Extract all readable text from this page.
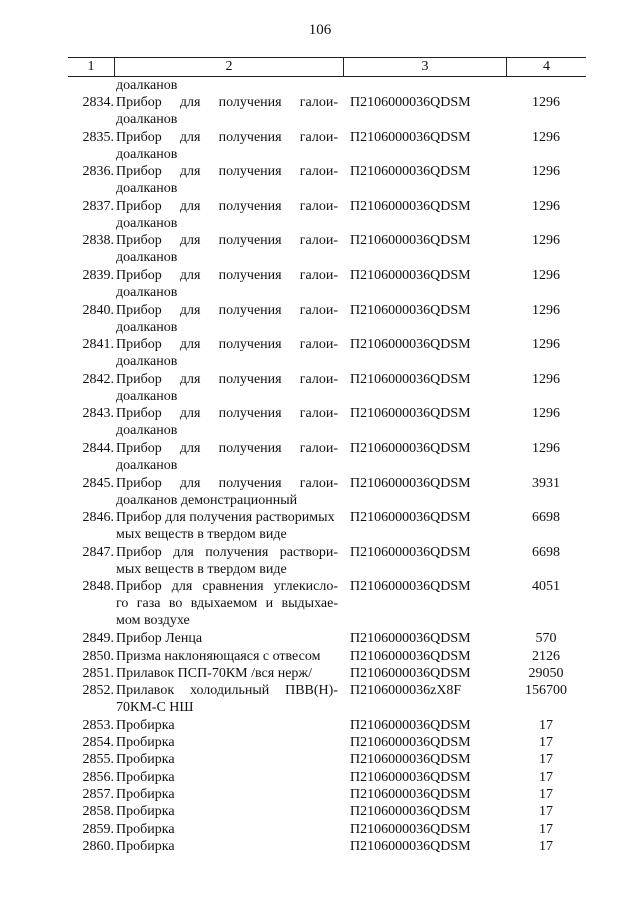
106
1	2	3	4
доалканов
2834. Прибор для получения галои-
доалканов
П2106000036QDSM	1296
2835. Прибор для получения галои-
доалканов
П2106000036QDSM	1296
2836. Прибор для получения галои-
доалканов
П2106000036QDSM	1296
2837. Прибор для получения галои-
доалканов
П2106000036QDSM	1296
2838. Прибор для получения галои-
доалканов
П2106000036QDSM	1296
2839. Прибор для получения галои-
доалканов
П2106000036QDSM	1296
2840. Прибор для получения галои-
доалканов
П2106000036QDSM	1296
2841. Прибор для получения галои-
доалканов
П2106000036QDSM	1296
2842. Прибор для получения галои-
доалканов
П2106000036QDSM	1296
2843. Прибор для получения галои-
доалканов
П2106000036QDSM	1296
2844. Прибор для получения галои-
доалканов
П2106000036QDSM	1296
2845. Прибор для получения галои-
доалканов демонстрационный
П2106000036QDSM	3931
2846. Прибор для получения растворимых
мых веществ в твердом виде
П2106000036QDSM	6698
2847. Прибор для получения раствори-
мых веществ в твердом виде
П2106000036QDSM	6698
2848. Прибор для сравнения углекисло-
го газа во вдыхаемом и выдыхае-
мом воздухе
П2106000036QDSM	4051
2849. Прибор Ленца	П2106000036QDSM	570
2850. Призма наклоняющаяся с отвесом	П2106000036QDSM	2126
2851. Прилавок ПСП-70КМ /вся нерж/	П2106000036QDSM	29050
2852. Прилавок холодильный ПВВ(Н)-
70КМ-С НШ
П2106000036zX8F	156700
2853. Пробирка	П2106000036QDSM	17
2854. Пробирка	П2106000036QDSM	17
2855. Пробирка	П2106000036QDSM	17
2856. Пробирка	П2106000036QDSM	17
2857. Пробирка	П2106000036QDSM	17
2858. Пробирка	П2106000036QDSM	17
2859. Пробирка	П2106000036QDSM	17
2860. Пробирка	П2106000036QDSM	17
